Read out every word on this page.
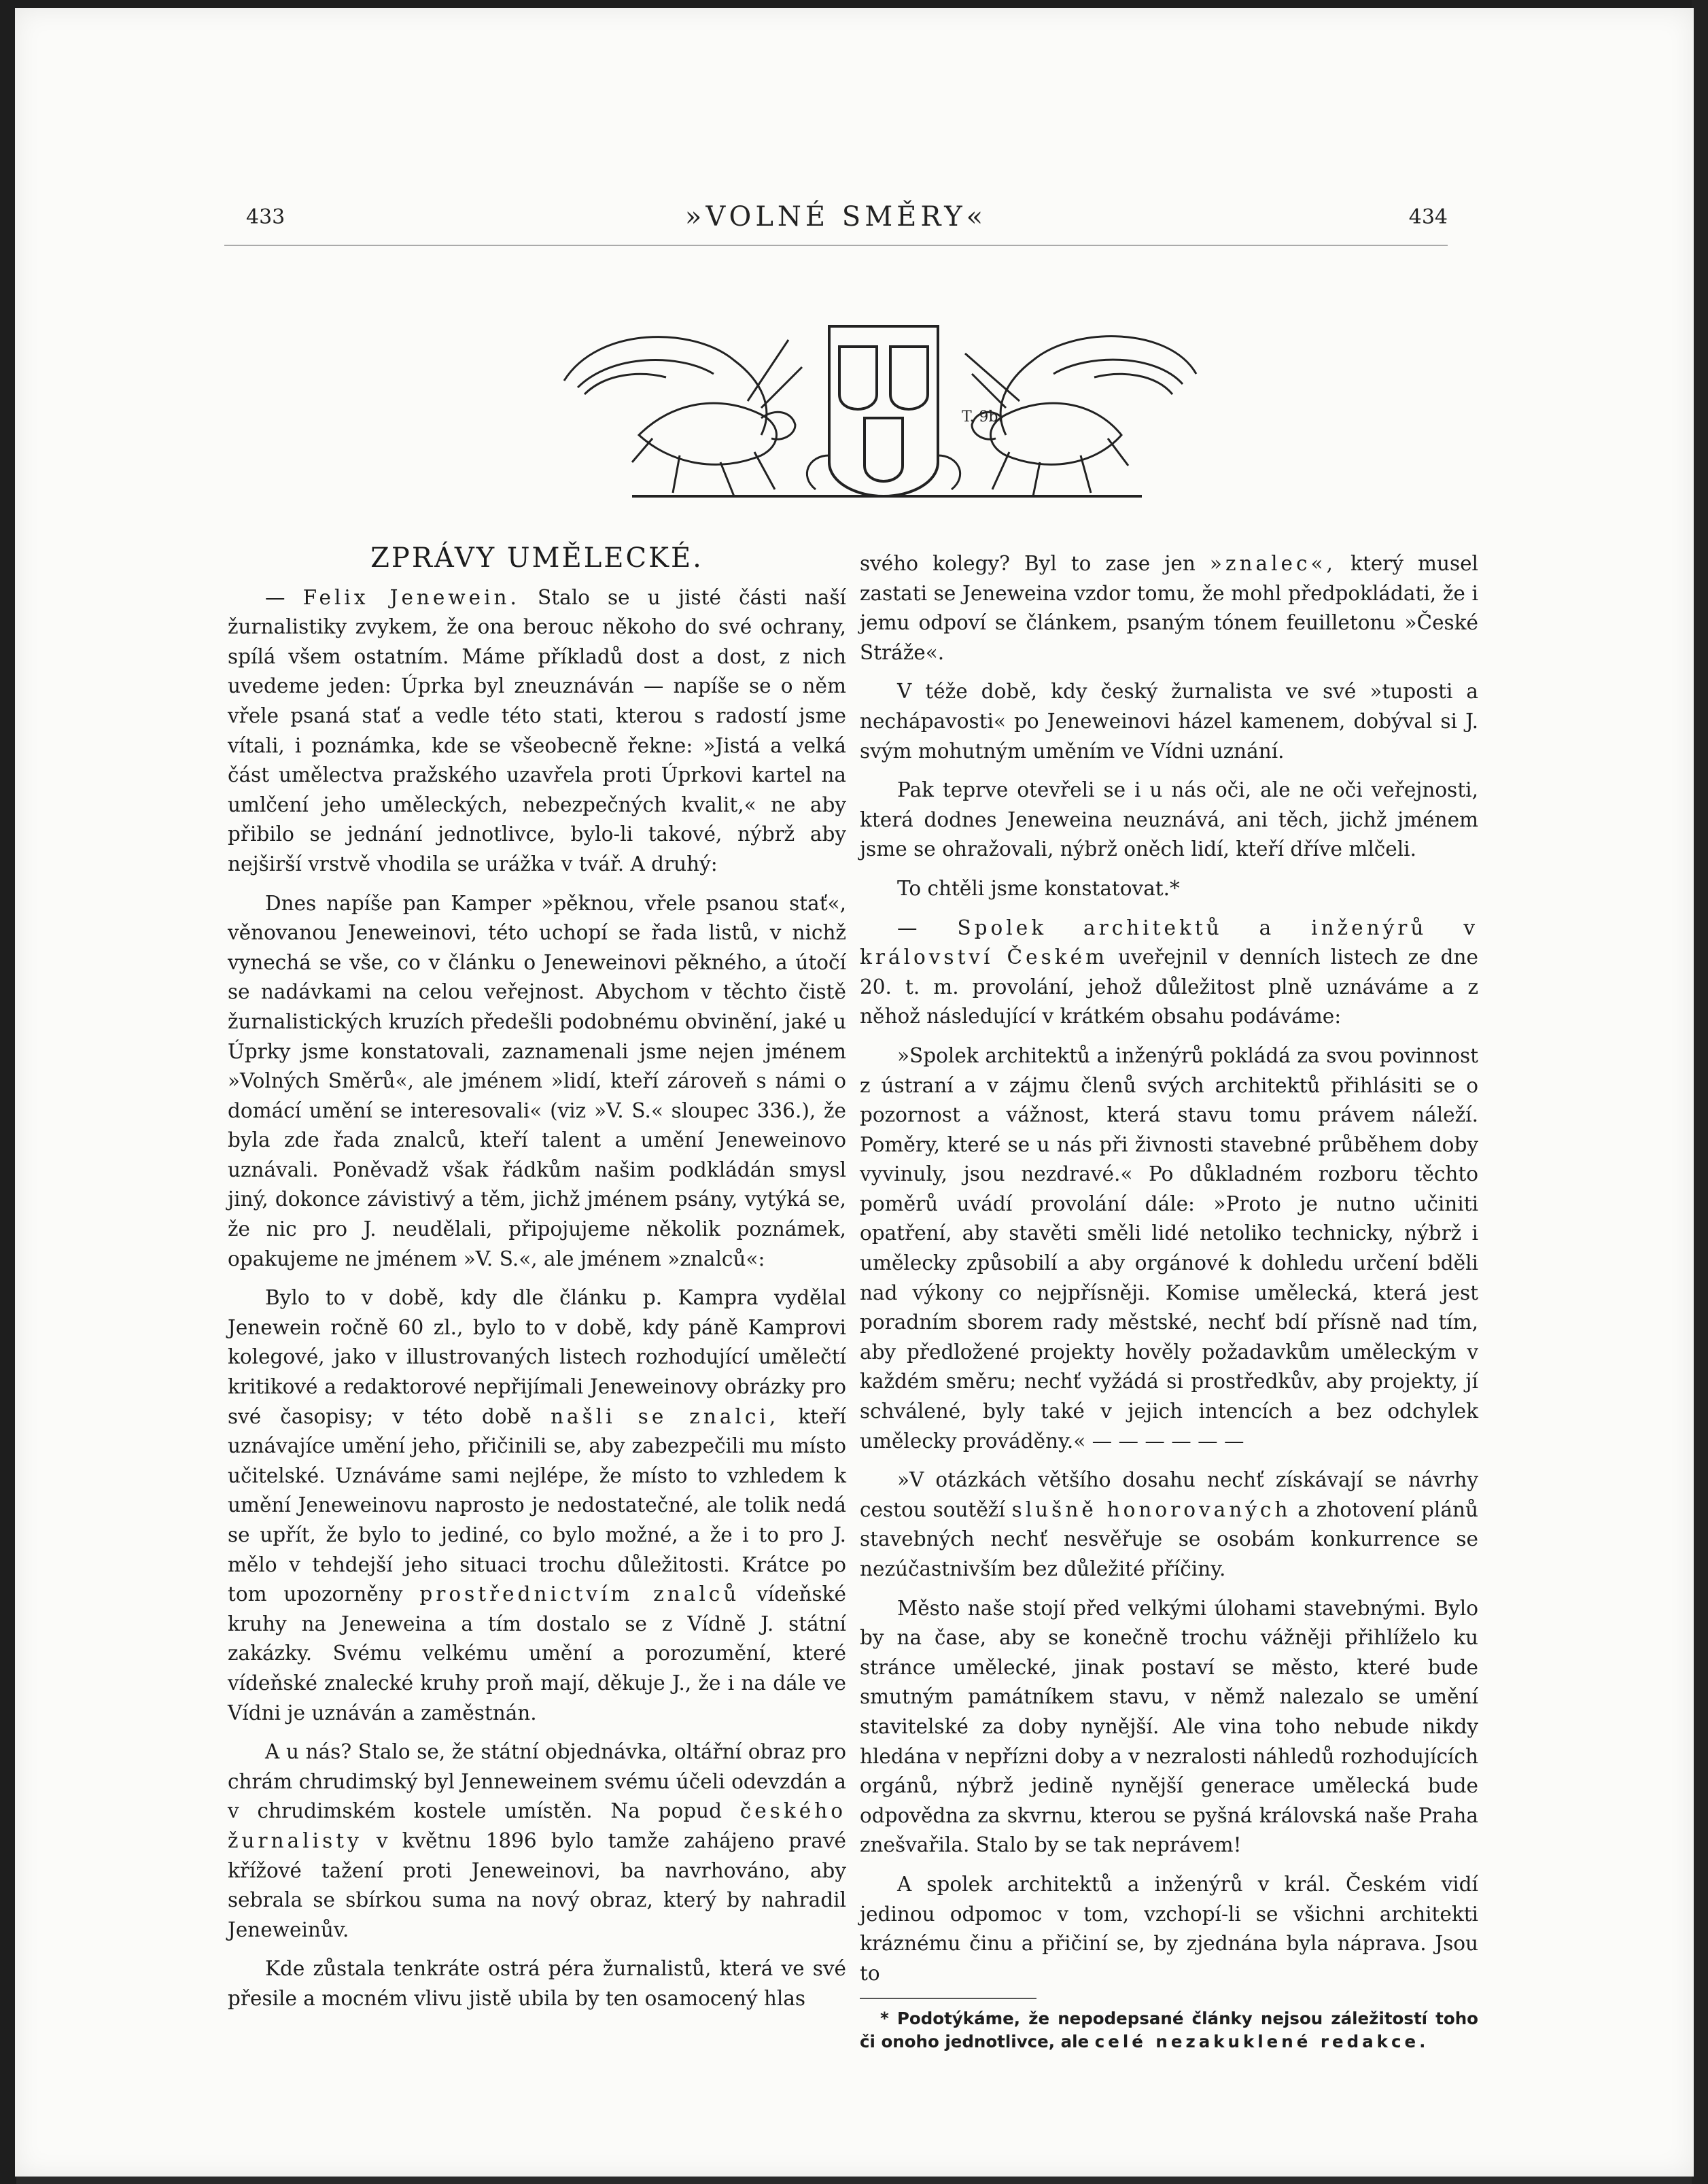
433	»VOLNÉ SMĚRY«	434
T. 9b.

ZPRÁVY UMĚLECKÉ.

— Felix Jenewein. Stalo se u jisté části naší žurnalistiky zvykem, že ona berouc někoho do své ochrany, spílá všem ostatním. Máme příkladů dost a dost, z nich uvedeme jeden: Úprka byl zneuznáván — napíše se o něm vřele psaná stať a vedle této stati, kterou s radostí jsme vítali, i poznámka, kde se všeobecně řekne: »Jistá a velká část umělectva pražského uzavřela proti Úprkovi kartel na umlčení jeho uměleckých, nebezpečných kvalit,« ne aby přibilo se jednání jednotlivce, bylo-li takové, nýbrž aby nejširší vrstvě vhodila se urážka v tvář. A druhý:

Dnes napíše pan Kamper »pěknou, vřele psanou stať«, věnovanou Jeneweinovi, této uchopí se řada listů, v nichž vynechá se vše, co v článku o Jeneweinovi pěkného, a útočí se nadávkami na celou veřejnost. Abychom v těchto čistě žurnalistických kruzích předešli podobnému obvinění, jaké u Úprky jsme konstatovali, zaznamenali jsme nejen jménem »Volných Směrů«, ale jménem »lidí, kteří zároveň s námi o domácí umění se interesovali« (viz »V. S.« sloupec 336.), že byla zde řada znalců, kteří talent a umění Jeneweinovo uznávali. Poněvadž však řádkům našim podkládán smysl jiný, dokonce závistivý a těm, jichž jménem psány, vytýká se, že nic pro J. neudělali, připojujeme několik poznámek, opakujeme ne jménem »V. S.«, ale jménem »znalců«:

Bylo to v době, kdy dle článku p. Kampra vydělal Jenewein ročně 60 zl., bylo to v době, kdy páně Kamprovi kolegové, jako v illustrovaných listech rozhodující umělečtí kritikové a redaktorové nepřijímali Jeneweinovy obrázky pro své časopisy; v této době našli se znalci, kteří uznávajíce umění jeho, přičinili se, aby zabezpečili mu místo učitelské. Uznáváme sami nejlépe, že místo to vzhledem k umění Jeneweinovu naprosto je nedostatečné, ale tolik nedá se upřít, že bylo to jediné, co bylo možné, a že i to pro J. mělo v tehdejší jeho situaci trochu důležitosti. Krátce po tom upozorněny prostřednictvím znalců vídeňské kruhy na Jeneweina a tím dostalo se z Vídně J. státní zakázky. Svému velkému umění a porozumění, které vídeňské znalecké kruhy proň mají, děkuje J., že i na dále ve Vídni je uznáván a zaměstnán.

A u nás? Stalo se, že státní objednávka, oltářní obraz pro chrám chrudimský byl Jenneweinem svému účeli odevzdán a v chrudimském kostele umístěn. Na popud českého žurnalisty v květnu 1896 bylo tamže zahájeno pravé křížové tažení proti Jeneweinovi, ba navrhováno, aby sebrala se sbírkou suma na nový obraz, který by nahradil Jeneweinův.

Kde zůstala tenkráte ostrá péra žurnalistů, která ve své přesile a mocném vlivu jistě ubila by ten osamocený hlas

svého kolegy? Byl to zase jen »znalec«, který musel zastati se Jeneweina vzdor tomu, že mohl předpokládati, že i jemu odpoví se článkem, psaným tónem feuilletonu »České Stráže«.

V téže době, kdy český žurnalista ve své »tuposti a nechápavosti« po Jeneweinovi házel kamenem, dobýval si J. svým mohutným uměním ve Vídni uznání.

Pak teprve otevřeli se i u nás oči, ale ne oči veřejnosti, která dodnes Jeneweina neuznává, ani těch, jichž jménem jsme se ohražovali, nýbrž oněch lidí, kteří dříve mlčeli.

To chtěli jsme konstatovat.*

— Spolek architektů a inženýrů v království Českém uveřejnil v denních listech ze dne 20. t. m. provolání, jehož důležitost plně uznáváme a z něhož následující v krátkém obsahu podáváme:

»Spolek architektů a inženýrů pokládá za svou povinnost z ústraní a v zájmu členů svých architektů přihlásiti se o pozornost a vážnost, která stavu tomu právem náleží. Poměry, které se u nás při živnosti stavebné průběhem doby vyvinuly, jsou nezdravé.« Po důkladném rozboru těchto poměrů uvádí provolání dále: »Proto je nutno učiniti opatření, aby stavěti směli lidé netoliko technicky, nýbrž i umělecky způsobilí a aby orgánové k dohledu určení bděli nad výkony co nejpřísněji. Komise umělecká, která jest poradním sborem rady městské, nechť bdí přísně nad tím, aby předložené projekty hověly požadavkům uměleckým v každém směru; nechť vyžádá si prostředkův, aby projekty, jí schválené, byly také v jejich intencích a bez odchylek umělecky prováděny.« — — — — — —

»V otázkách většího dosahu nechť získávají se návrhy cestou soutěží slušně honorovaných a zhotovení plánů stavebných nechť nesvěřuje se osobám konkurrence se nezúčastnivším bez důležité příčiny.

Město naše stojí před velkými úlohami stavebnými. Bylo by na čase, aby se konečně trochu vážněji přihlíželo ku stránce umělecké, jinak postaví se město, které bude smutným památníkem stavu, v němž nalezalo se umění stavitelské za doby nynější. Ale vina toho nebude nikdy hledána v nepřízni doby a v nezralosti náhledů rozhodujících orgánů, nýbrž jedině nynější generace umělecká bude odpovědna za skvrnu, kterou se pyšná královská naše Praha znešvařila. Stalo by se tak neprávem!

A spolek architektů a inženýrů v král. Českém vidí jedinou odpomoc v tom, vzchopí-li se všichni architekti kráznému činu a přičiní se, by zjednána byla náprava. Jsou to

* Podotýkáme, že nepodepsané články nejsou záležitostí toho či onoho jednotlivce, ale celé nezakuklené redakce.
